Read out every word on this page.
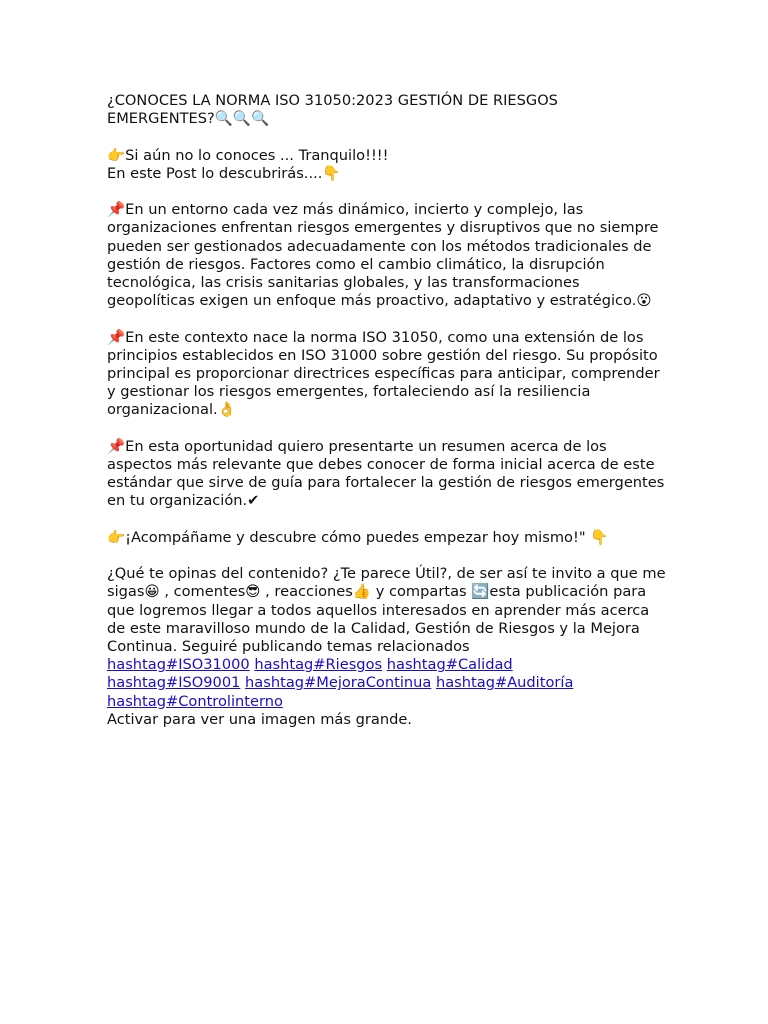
¿CONOCES LA NORMA ISO 31050:2023 GESTIÓN DE RIESGOS EMERGENTES?🔍🔍🔍

👉Si aún no lo conoces ... Tranquilo!!!!
En este Post lo descubrirás....👇

📌En un entorno cada vez más dinámico, incierto y complejo, las organizaciones enfrentan riesgos emergentes y disruptivos que no siempre pueden ser gestionados adecuadamente con los métodos tradicionales de gestión de riesgos. Factores como el cambio climático, la disrupción tecnológica, las crisis sanitarias globales, y las transformaciones geopolíticas exigen un enfoque más proactivo, adaptativo y estratégico.😮

📌En este contexto nace la norma ISO 31050, como una extensión de los principios establecidos en ISO 31000 sobre gestión del riesgo. Su propósito principal es proporcionar directrices específicas para anticipar, comprender y gestionar los riesgos emergentes, fortaleciendo así la resiliencia organizacional.👌

📌En esta oportunidad quiero presentarte un resumen acerca de los aspectos más relevante que debes conocer de forma inicial acerca de este estándar que sirve de guía para fortalecer la gestión de riesgos emergentes en tu organización.✔

👉¡Acompáñame y descubre cómo puedes empezar hoy mismo!" 👇

¿Qué te opinas del contenido? ¿Te parece Útil?, de ser así te invito a que me sigas😀 , comentes😎 , reacciones👍 y compartas 🔄esta publicación para que logremos llegar a todos aquellos interesados en aprender más acerca de este maravilloso mundo de la Calidad, Gestión de Riesgos y la Mejora Continua. Seguiré publicando temas relacionados

hashtag#ISO31000 hashtag#Riesgos hashtag#Calidad
hashtag#ISO9001 hashtag#MejoraContinua hashtag#Auditoría
hashtag#Controlinterno

Activar para ver una imagen más grande.
